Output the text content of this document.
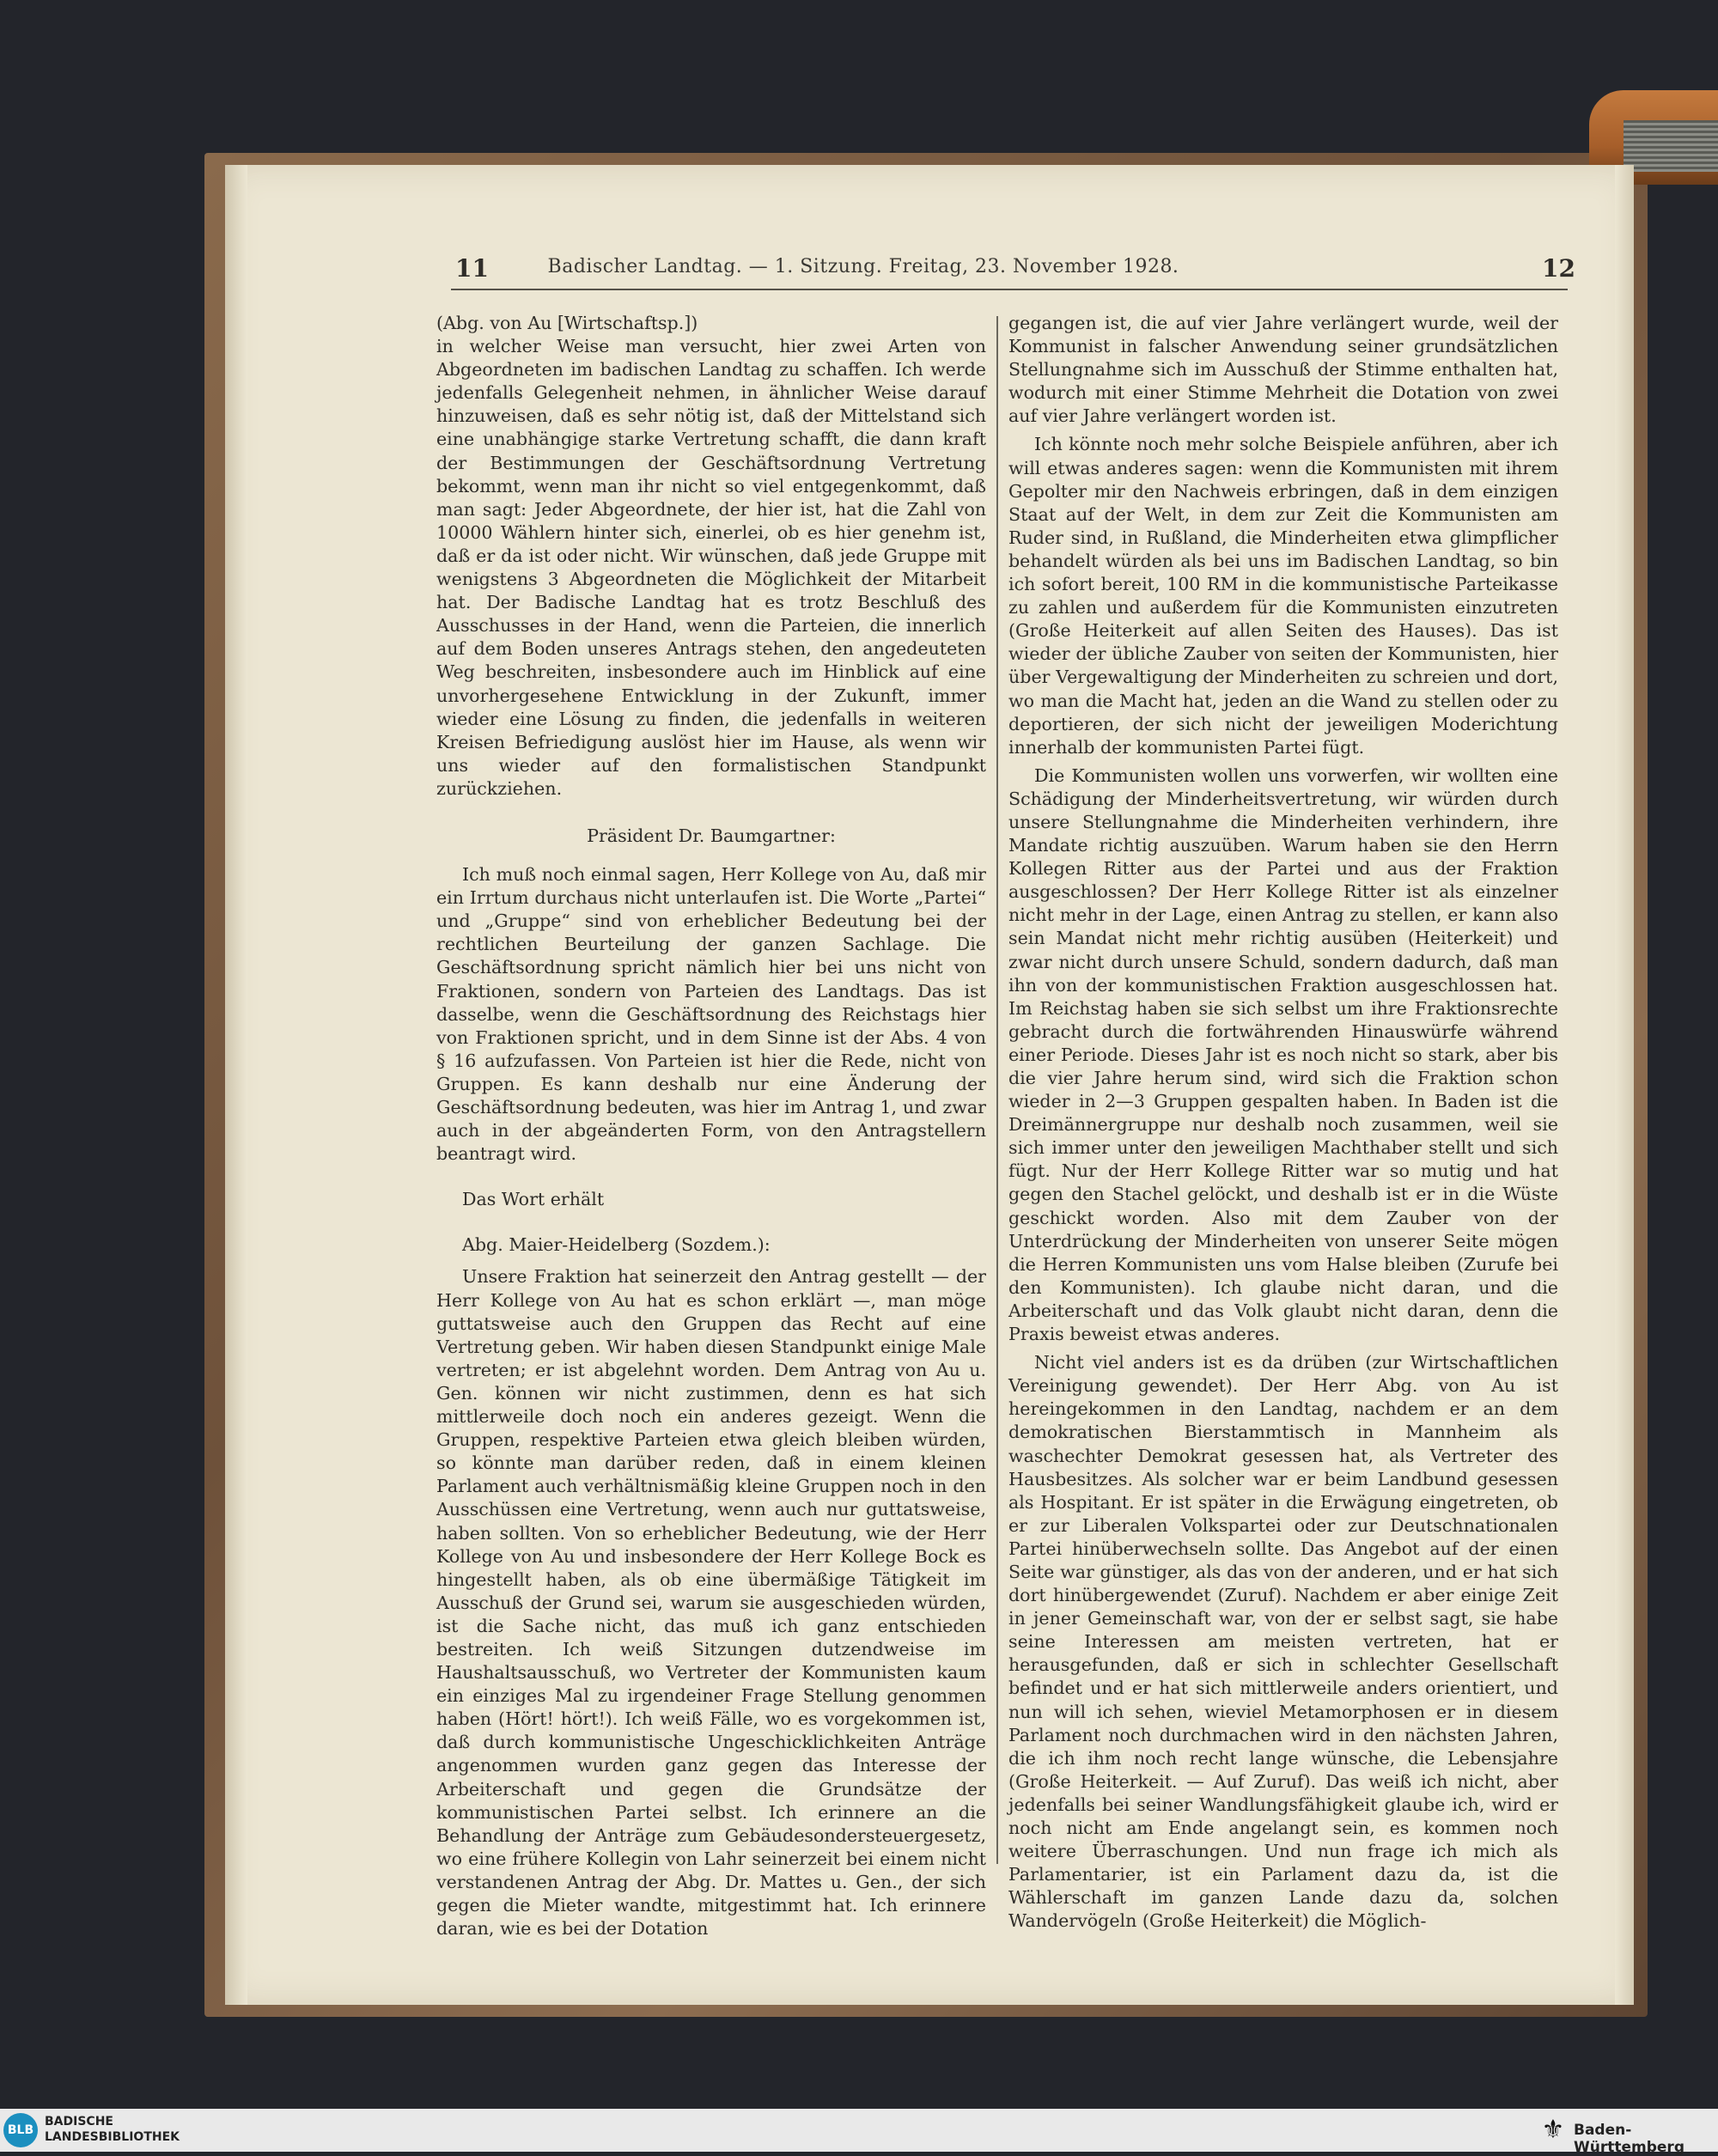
11	Badischer Landtag. — 1. Sitzung. Freitag, 23. November 1928.	12

(Abg. von Au [Wirtschaftsp.])

in welcher Weise man versucht, hier zwei Arten von Abgeordneten im badischen Landtag zu schaffen. Ich werde jedenfalls Gelegenheit nehmen, in ähnlicher Weise darauf hinzuweisen, daß es sehr nötig ist, daß der Mittelstand sich eine unabhängige starke Vertretung schafft, die dann kraft der Bestimmungen der Geschäftsordnung Vertretung bekommt, wenn man ihr nicht so viel entgegenkommt, daß man sagt: Jeder Abgeordnete, der hier ist, hat die Zahl von 10000 Wählern hinter sich, einerlei, ob es hier genehm ist, daß er da ist oder nicht. Wir wünschen, daß jede Gruppe mit wenigstens 3 Abgeordneten die Möglichkeit der Mitarbeit hat. Der Badische Landtag hat es trotz Beschluß des Ausschusses in der Hand, wenn die Parteien, die innerlich auf dem Boden unseres Antrags stehen, den angedeuteten Weg beschreiten, insbesondere auch im Hinblick auf eine unvorhergesehene Entwicklung in der Zukunft, immer wieder eine Lösung zu finden, die jedenfalls in weiteren Kreisen Befriedigung auslöst hier im Hause, als wenn wir uns wieder auf den formalistischen Standpunkt zurückziehen.

Präsident Dr. Baumgartner:

Ich muß noch einmal sagen, Herr Kollege von Au, daß mir ein Irrtum durchaus nicht unterlaufen ist. Die Worte „Partei“ und „Gruppe“ sind von erheblicher Bedeutung bei der rechtlichen Beurteilung der ganzen Sachlage. Die Geschäftsordnung spricht nämlich hier bei uns nicht von Fraktionen, sondern von Parteien des Landtags. Das ist dasselbe, wenn die Geschäftsordnung des Reichstags hier von Fraktionen spricht, und in dem Sinne ist der Abs. 4 von § 16 aufzufassen. Von Parteien ist hier die Rede, nicht von Gruppen. Es kann deshalb nur eine Änderung der Geschäftsordnung bedeuten, was hier im Antrag 1, und zwar auch in der abgeänderten Form, von den Antragstellern beantragt wird.

Das Wort erhält

Abg. Maier-Heidelberg (Sozdem.):

Unsere Fraktion hat seinerzeit den Antrag gestellt — der Herr Kollege von Au hat es schon erklärt —, man möge guttatsweise auch den Gruppen das Recht auf eine Vertretung geben. Wir haben diesen Standpunkt einige Male vertreten; er ist abgelehnt worden. Dem Antrag von Au u. Gen. können wir nicht zustimmen, denn es hat sich mittlerweile doch noch ein anderes gezeigt. Wenn die Gruppen, respektive Parteien etwa gleich bleiben würden, so könnte man darüber reden, daß in einem kleinen Parlament auch verhältnismäßig kleine Gruppen noch in den Ausschüssen eine Vertretung, wenn auch nur guttatsweise, haben sollten. Von so erheblicher Bedeutung, wie der Herr Kollege von Au und insbesondere der Herr Kollege Bock es hingestellt haben, als ob eine übermäßige Tätigkeit im Ausschuß der Grund sei, warum sie ausgeschieden würden, ist die Sache nicht, das muß ich ganz entschieden bestreiten. Ich weiß Sitzungen dutzendweise im Haushaltsausschuß, wo Vertreter der Kommunisten kaum ein einziges Mal zu irgendeiner Frage Stellung genommen haben (Hört! hört!). Ich weiß Fälle, wo es vorgekommen ist, daß durch kommunistische Ungeschicklichkeiten Anträge angenommen wurden ganz gegen das Interesse der Arbeiterschaft und gegen die Grundsätze der kommunistischen Partei selbst. Ich erinnere an die Behandlung der Anträge zum Gebäudesondersteuergesetz, wo eine frühere Kollegin von Lahr seinerzeit bei einem nicht verstandenen Antrag der Abg. Dr. Mattes u. Gen., der sich gegen die Mieter wandte, mitgestimmt hat. Ich erinnere daran, wie es bei der Dotation

gegangen ist, die auf vier Jahre verlängert wurde, weil der Kommunist in falscher Anwendung seiner grundsätzlichen Stellungnahme sich im Ausschuß der Stimme enthalten hat, wodurch mit einer Stimme Mehrheit die Dotation von zwei auf vier Jahre verlängert worden ist.

Ich könnte noch mehr solche Beispiele anführen, aber ich will etwas anderes sagen: wenn die Kommunisten mit ihrem Gepolter mir den Nachweis erbringen, daß in dem einzigen Staat auf der Welt, in dem zur Zeit die Kommunisten am Ruder sind, in Rußland, die Minderheiten etwa glimpflicher behandelt würden als bei uns im Badischen Landtag, so bin ich sofort bereit, 100 RM in die kommunistische Parteikasse zu zahlen und außerdem für die Kommunisten einzutreten (Große Heiterkeit auf allen Seiten des Hauses). Das ist wieder der übliche Zauber von seiten der Kommunisten, hier über Vergewaltigung der Minderheiten zu schreien und dort, wo man die Macht hat, jeden an die Wand zu stellen oder zu deportieren, der sich nicht der jeweiligen Moderichtung innerhalb der kommunisten Partei fügt.

Die Kommunisten wollen uns vorwerfen, wir wollten eine Schädigung der Minderheitsvertretung, wir würden durch unsere Stellungnahme die Minderheiten verhindern, ihre Mandate richtig auszuüben. Warum haben sie den Herrn Kollegen Ritter aus der Partei und aus der Fraktion ausgeschlossen? Der Herr Kollege Ritter ist als einzelner nicht mehr in der Lage, einen Antrag zu stellen, er kann also sein Mandat nicht mehr richtig ausüben (Heiterkeit) und zwar nicht durch unsere Schuld, sondern dadurch, daß man ihn von der kommunistischen Fraktion ausgeschlossen hat. Im Reichstag haben sie sich selbst um ihre Fraktionsrechte gebracht durch die fortwährenden Hinauswürfe während einer Periode. Dieses Jahr ist es noch nicht so stark, aber bis die vier Jahre herum sind, wird sich die Fraktion schon wieder in 2—3 Gruppen gespalten haben. In Baden ist die Dreimännergruppe nur deshalb noch zusammen, weil sie sich immer unter den jeweiligen Machthaber stellt und sich fügt. Nur der Herr Kollege Ritter war so mutig und hat gegen den Stachel gelöckt, und deshalb ist er in die Wüste geschickt worden. Also mit dem Zauber von der Unterdrückung der Minderheiten von unserer Seite mögen die Herren Kommunisten uns vom Halse bleiben (Zurufe bei den Kommunisten). Ich glaube nicht daran, und die Arbeiterschaft und das Volk glaubt nicht daran, denn die Praxis beweist etwas anderes.

Nicht viel anders ist es da drüben (zur Wirtschaftlichen Vereinigung gewendet). Der Herr Abg. von Au ist hereingekommen in den Landtag, nachdem er an dem demokratischen Bierstammtisch in Mannheim als waschechter Demokrat gesessen hat, als Vertreter des Hausbesitzes. Als solcher war er beim Landbund gesessen als Hospitant. Er ist später in die Erwägung eingetreten, ob er zur Liberalen Volkspartei oder zur Deutschnationalen Partei hinüberwechseln sollte. Das Angebot auf der einen Seite war günstiger, als das von der anderen, und er hat sich dort hinübergewendet (Zuruf). Nachdem er aber einige Zeit in jener Gemeinschaft war, von der er selbst sagt, sie habe seine Interessen am meisten vertreten, hat er herausgefunden, daß er sich in schlechter Gesellschaft befindet und er hat sich mittlerweile anders orientiert, und nun will ich sehen, wieviel Metamorphosen er in diesem Parlament noch durchmachen wird in den nächsten Jahren, die ich ihm noch recht lange wünsche, die Lebensjahre (Große Heiterkeit. — Auf Zuruf). Das weiß ich nicht, aber jedenfalls bei seiner Wandlungsfähigkeit glaube ich, wird er noch nicht am Ende angelangt sein, es kommen noch weitere Überraschungen. Und nun frage ich mich als Parlamentarier, ist ein Parlament dazu da, ist die Wählerschaft im ganzen Lande dazu da, solchen Wandervögeln (Große Heiterkeit) die Möglich-

BLB
BADISCHE
LANDESBIBLIOTHEK	⚜ Baden-Württemberg
